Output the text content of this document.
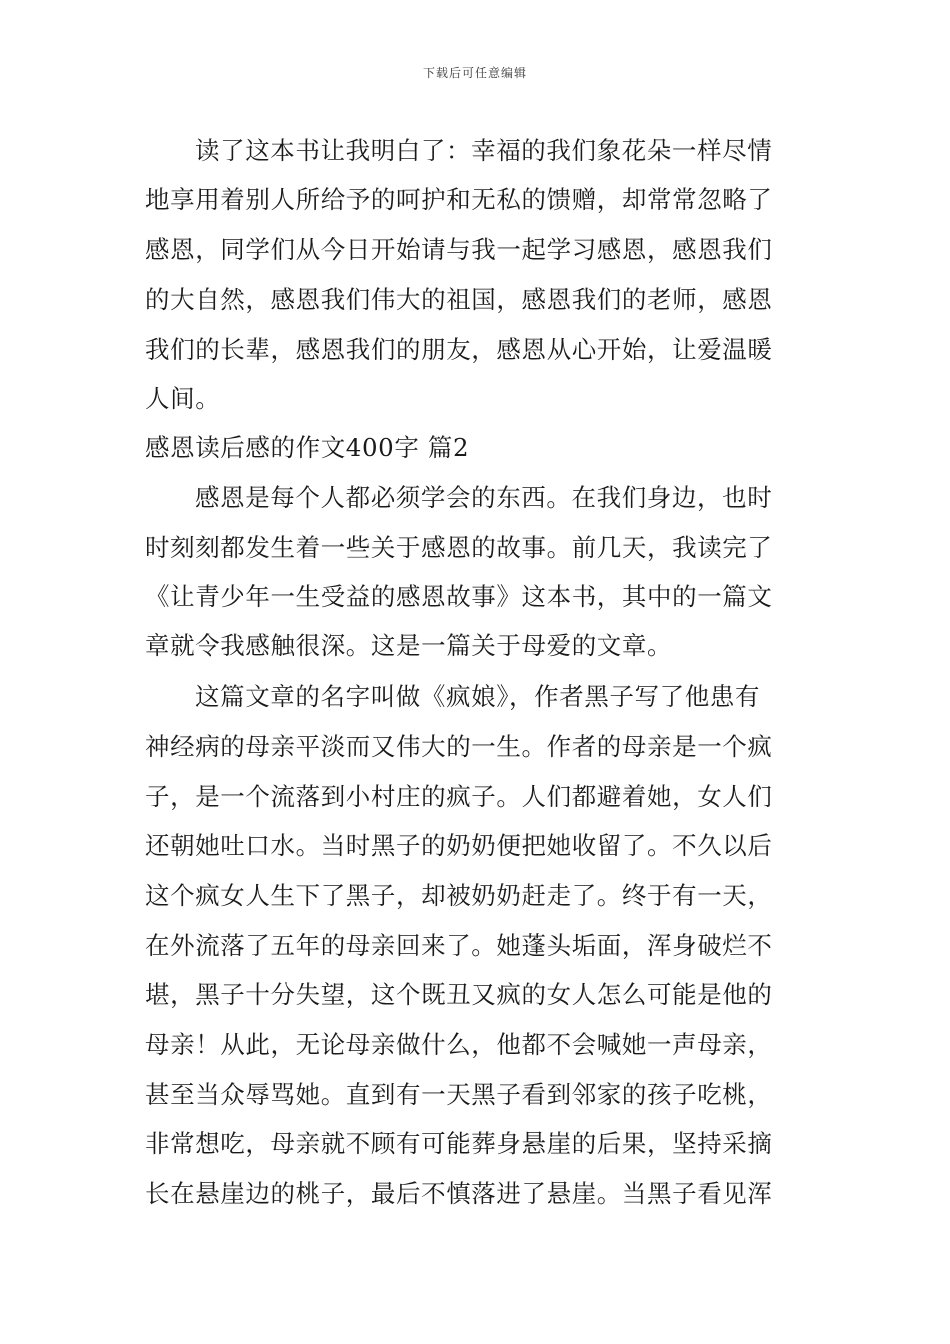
下载后可任意编辑
读了这本书让我明白了：幸福的我们象花朵一样尽情
地享用着别人所给予的呵护和无私的馈赠，却常常忽略了
感恩，同学们从今日开始请与我一起学习感恩，感恩我们
的大自然，感恩我们伟大的祖国，感恩我们的老师，感恩
我们的长辈，感恩我们的朋友，感恩从心开始，让爱温暖
人间。
感恩读后感的作文400字 篇2
感恩是每个人都必须学会的东西。在我们身边，也时
时刻刻都发生着一些关于感恩的故事。前几天，我读完了
《让青少年一生受益的感恩故事》这本书，其中的一篇文
章就令我感触很深。这是一篇关于母爱的文章。
这篇文章的名字叫做《疯娘》，作者黑子写了他患有
神经病的母亲平淡而又伟大的一生。作者的母亲是一个疯
子，是一个流落到小村庄的疯子。人们都避着她，女人们
还朝她吐口水。当时黑子的奶奶便把她收留了。不久以后
这个疯女人生下了黑子，却被奶奶赶走了。终于有一天，
在外流落了五年的母亲回来了。她蓬头垢面，浑身破烂不
堪，黑子十分失望，这个既丑又疯的女人怎么可能是他的
母亲！从此，无论母亲做什么，他都不会喊她一声母亲，
甚至当众辱骂她。直到有一天黑子看到邻家的孩子吃桃，
非常想吃，母亲就不顾有可能葬身悬崖的后果，坚持采摘
长在悬崖边的桃子，最后不慎落进了悬崖。当黑子看见浑
